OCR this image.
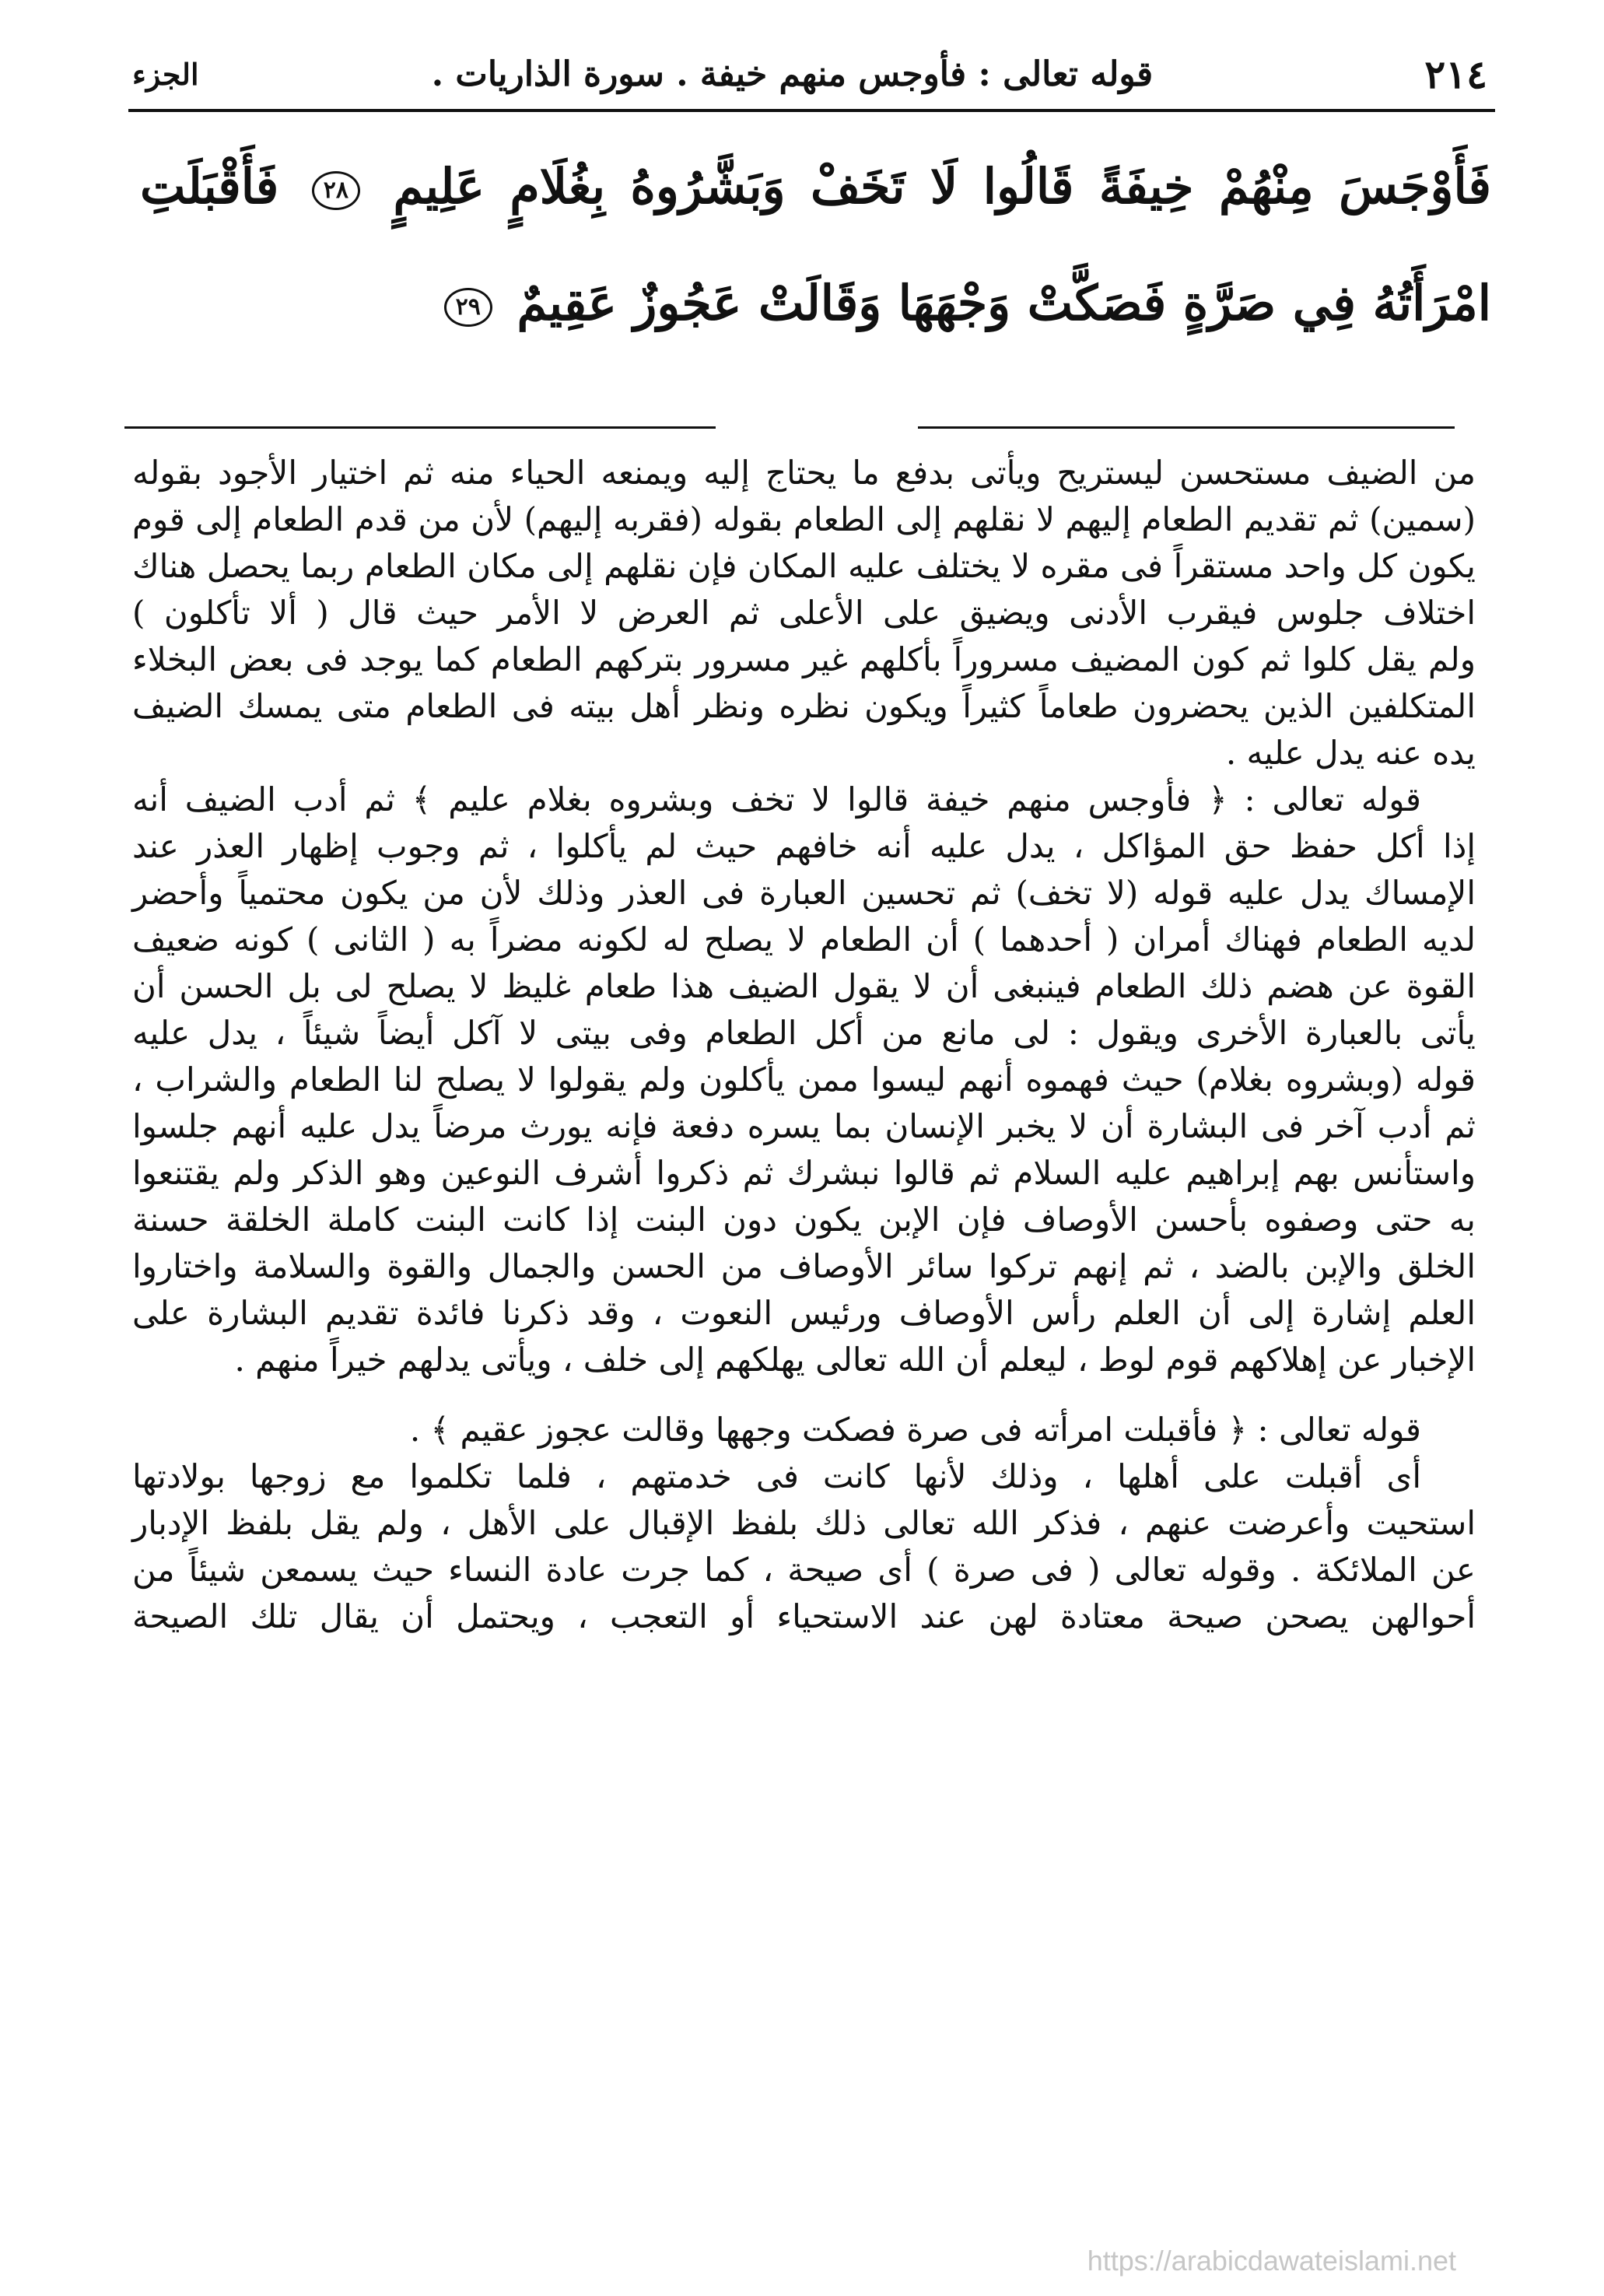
٢١٤
قوله تعالى : فأوجس منهم خيفة . سورة الذاريات .
الجزء
فَأَوْجَسَ مِنْهُمْ خِيفَةً قَالُوا لَا تَخَفْ وَبَشَّرُوهُ بِغُلَامٍ عَلِيمٍ ٢٨ فَأَقْبَلَتِ
امْرَأَتُهُ فِي صَرَّةٍ فَصَكَّتْ وَجْهَهَا وَقَالَتْ عَجُوزٌ عَقِيمٌ ٢٩
من الضيف مستحسن ليستريح ويأتى بدفع ما يحتاج إليه ويمنعه الحياء منه ثم اختيار الأجود بقوله
(سمين) ثم تقديم الطعام إليهم لا نقلهم إلى الطعام بقوله (فقربه إليهم) لأن من قدم الطعام إلى قوم
يكون كل واحد مستقراً فى مقره لا يختلف عليه المكان فإن نقلهم إلى مكان الطعام ربما يحصل هناك
اختلاف جلوس فيقرب الأدنى ويضيق على الأعلى ثم العرض لا الأمر حيث قال ( ألا تأكلون )
ولم يقل كلوا ثم كون المضيف مسروراً بأكلهم غير مسرور بتركهم الطعام كما يوجد فى بعض البخلاء
المتكلفين الذين يحضرون طعاماً كثيراً ويكون نظره ونظر أهل بيته فى الطعام متى يمسك الضيف
يده عنه يدل عليه .
قوله تعالى : ﴿ فأوجس منهم خيفة قالوا لا تخف وبشروه بغلام عليم ﴾ ثم أدب الضيف أنه
إذا أكل حفظ حق المؤاكل ، يدل عليه أنه خافهم حيث لم يأكلوا ، ثم وجوب إظهار العذر عند
الإمساك يدل عليه قوله (لا تخف) ثم تحسين العبارة فى العذر وذلك لأن من يكون محتمياً وأحضر
لديه الطعام فهناك أمران ( أحدهما ) أن الطعام لا يصلح له لكونه مضراً به ( الثانى ) كونه ضعيف
القوة عن هضم ذلك الطعام فينبغى أن لا يقول الضيف هذا طعام غليظ لا يصلح لى بل الحسن أن
يأتى بالعبارة الأخرى ويقول : لى مانع من أكل الطعام وفى بيتى لا آكل أيضاً شيئاً ، يدل عليه
قوله (وبشروه بغلام) حيث فهموه أنهم ليسوا ممن يأكلون ولم يقولوا لا يصلح لنا الطعام والشراب ،
ثم أدب آخر فى البشارة أن لا يخبر الإنسان بما يسره دفعة فإنه يورث مرضاً يدل عليه أنهم جلسوا
واستأنس بهم إبراهيم عليه السلام ثم قالوا نبشرك ثم ذكروا أشرف النوعين وهو الذكر ولم يقتنعوا
به حتى وصفوه بأحسن الأوصاف فإن الإبن يكون دون البنت إذا كانت البنت كاملة الخلقة حسنة
الخلق والإبن بالضد ، ثم إنهم تركوا سائر الأوصاف من الحسن والجمال والقوة والسلامة واختاروا
العلم إشارة إلى أن العلم رأس الأوصاف ورئيس النعوت ، وقد ذكرنا فائدة تقديم البشارة على
الإخبار عن إهلاكهم قوم لوط ، ليعلم أن الله تعالى يهلكهم إلى خلف ، ويأتى يدلهم خيراً منهم .
قوله تعالى : ﴿ فأقبلت امرأته فى صرة فصكت وجهها وقالت عجوز عقيم ﴾ .
أى أقبلت على أهلها ، وذلك لأنها كانت فى خدمتهم ، فلما تكلموا مع زوجها بولادتها
استحيت وأعرضت عنهم ، فذكر الله تعالى ذلك بلفظ الإقبال على الأهل ، ولم يقل بلفظ الإدبار
عن الملائكة . وقوله تعالى ( فى صرة ) أى صيحة ، كما جرت عادة النساء حيث يسمعن شيئاً من
أحوالهن يصحن صيحة معتادة لهن عند الاستحياء أو التعجب ، ويحتمل أن يقال تلك الصيحة
https://arabicdawateislami.net
